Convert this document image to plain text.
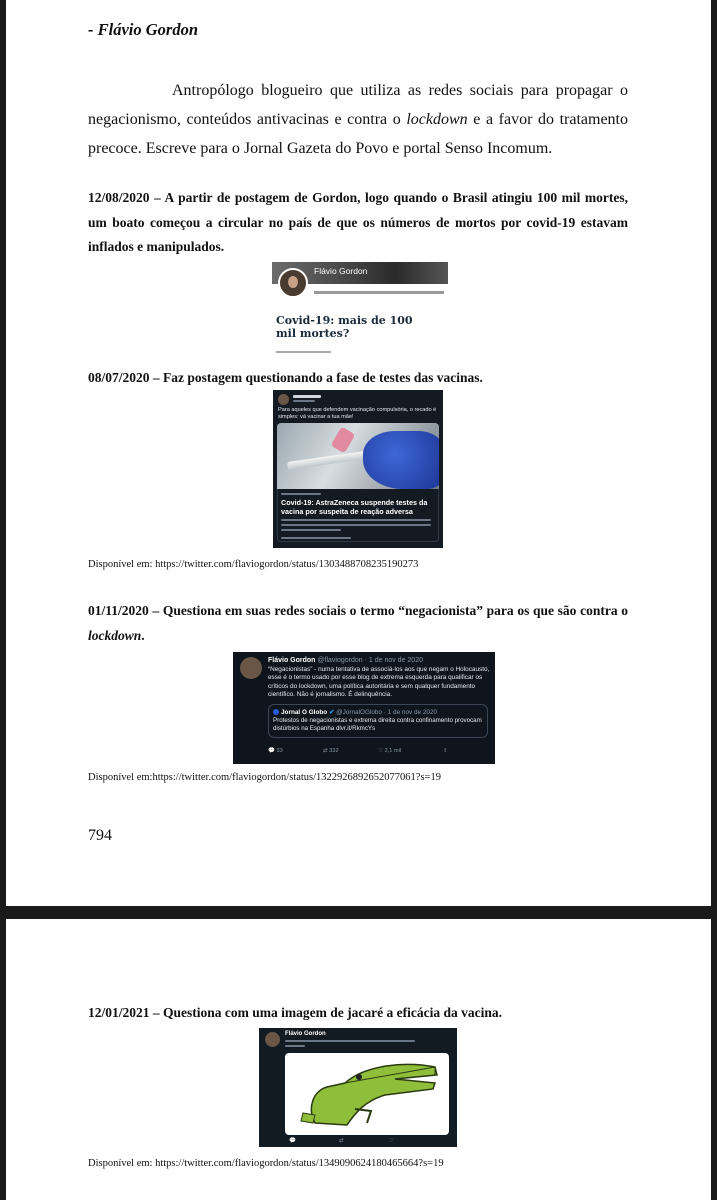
- Flávio Gordon
Antropólogo blogueiro que utiliza as redes sociais para propagar o negacionismo, conteúdos antivacinas e contra o lockdown e a favor do tratamento precoce. Escreve para o Jornal Gazeta do Povo e portal Senso Incomum.
12/08/2020 – A partir de postagem de Gordon, logo quando o Brasil atingiu 100 mil mortes, um boato começou a circular no país de que os números de mortos por covid-19 estavam inflados e manipulados.
Flávio Gordon
Covid-19: mais de 100 mil mortes?
08/07/2020 – Faz postagem questionando a fase de testes das vacinas.
Para aqueles que defendem vacinação compulsória, o recado é simples: vá vacinar a tua mãe!
Covid-19: AstraZeneca suspende testes da vacina por suspeita de reação adversa
Disponível em: https://twitter.com/flaviogordon/status/1303488708235190273
01/11/2020 – Questiona em suas redes sociais o termo “negacionista” para os que são contra o lockdown.
Flávio Gordon @flaviogordon · 1 de nov de 2020
“Negacionistas” - numa tentativa de associá-los aos que negam o Holocausto, esse é o termo usado por esse blog de extrema esquerda para qualificar os críticos do lockdown, uma política autoritária e sem qualquer fundamento científico. Não é jornalismo. É delinquência.
Jornal O Globo ✔ @JornalOGlobo · 1 de nov de 2020
Protestos de negacionistas e extrema direita contra confinamento provocam distúrbios na Espanha dlvr.it/RkmcYs
💬 33	⇄ 332	♡ 2,1 mil	⇪
Disponível em:https://twitter.com/flaviogordon/status/1322926892652077061?s=19
794
12/01/2021 – Questiona com uma imagem de jacaré a eficácia da vacina.
Disponível em: https://twitter.com/flaviogordon/status/1349090624180465664?s=19
Flávio Gordon
💬	⇄	♡
